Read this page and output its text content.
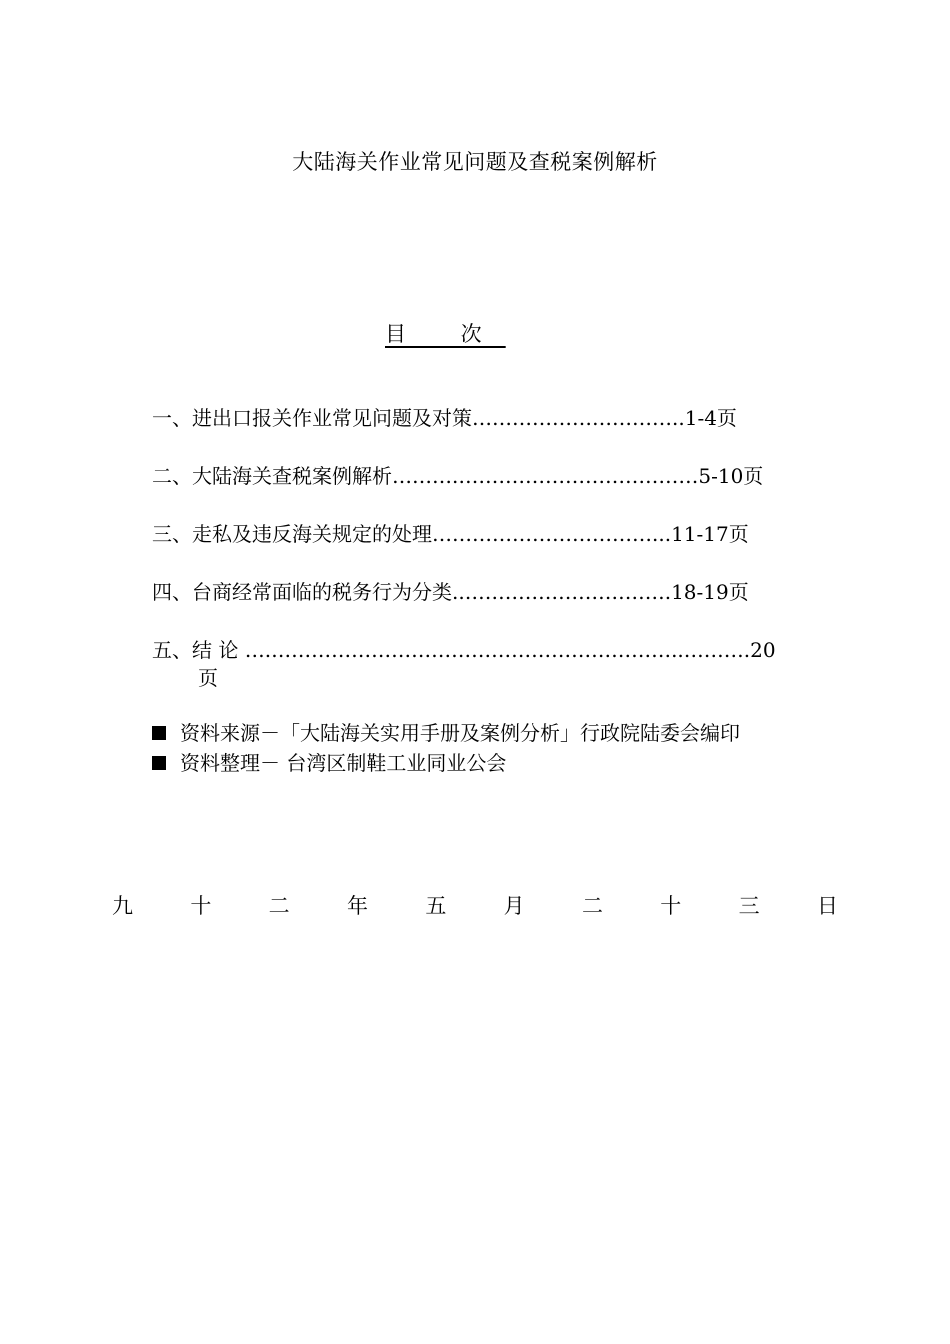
大陆海关作业常见问题及查税案例解析
目 次
一、进出口报关作业常见问题及对策…………………………..1-4页
二、大陆海关查税案例解析……….………………………………5-10页
三、走私及违反海关规定的处理……………………………...11-17页
四、台商经常面临的税务行为分类..………………………….18-19页
五、结 论 ….……………………………………………………..……….20
页
资料来源－「大陆海关实用手册及案例分析」行政院陆委会编印
资料整理－ 台湾区制鞋工业同业公会
九	十	二	年	五	月	二	十	三	日
